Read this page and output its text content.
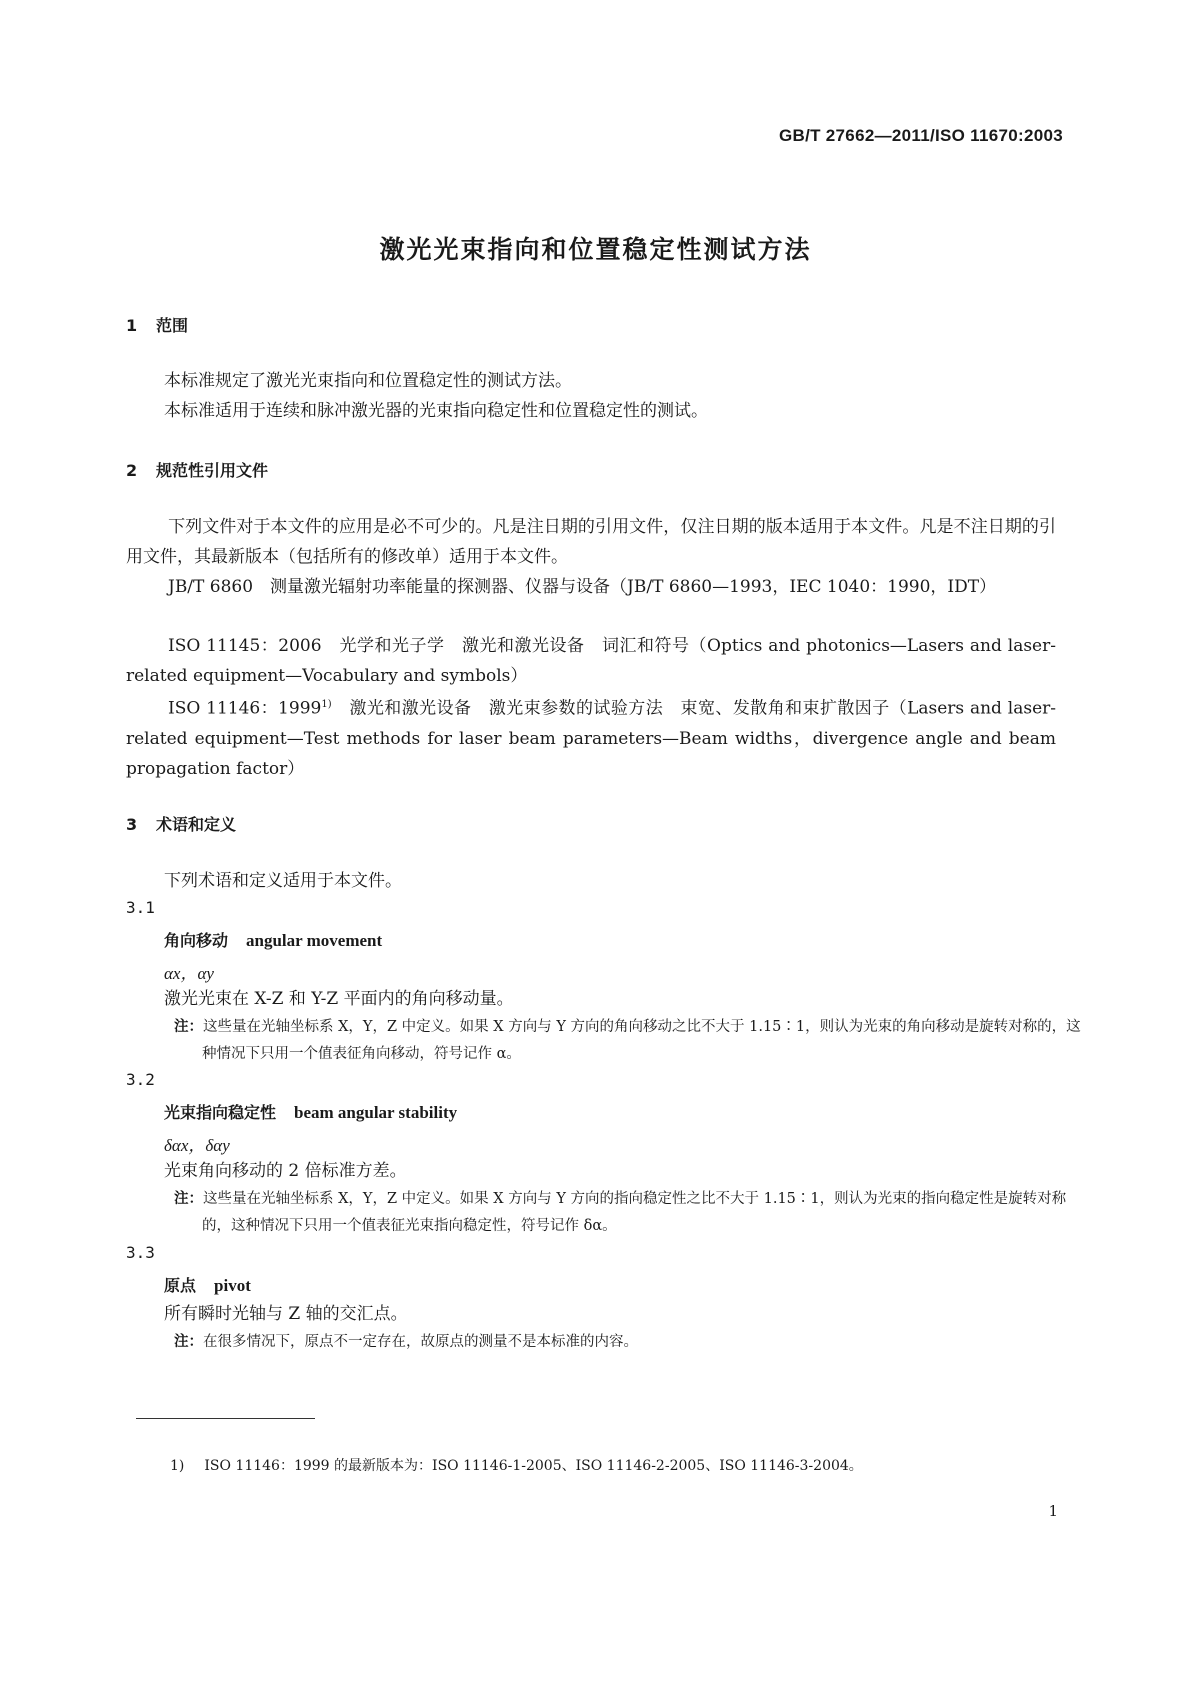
GB/T 27662—2011/ISO 11670:2003
激光光束指向和位置稳定性测试方法
1 范围
本标准规定了激光光束指向和位置稳定性的测试方法。
本标准适用于连续和脉冲激光器的光束指向稳定性和位置稳定性的测试。
2 规范性引用文件
下列文件对于本文件的应用是必不可少的。凡是注日期的引用文件，仅注日期的版本适用于本文件。凡是不注日期的引用文件，其最新版本（包括所有的修改单）适用于本文件。
JB/T 6860　测量激光辐射功率能量的探测器、仪器与设备（JB/T 6860—1993，IEC 1040：1990，IDT）
ISO 11145：2006　光学和光子学　激光和激光设备　词汇和符号（Optics and photonics—Lasers and laser-related equipment—Vocabulary and symbols）
ISO 11146：1999$^{1)}$　激光和激光设备　激光束参数的试验方法　束宽、发散角和束扩散因子（Lasers and laser-related equipment—Test methods for laser beam parameters—Beam widths，divergence angle and beam propagation factor）
3 术语和定义
下列术语和定义适用于本文件。
3.1
角向移动 angular movement
αx，αy
激光光束在 X-Z 和 Y-Z 平面内的角向移动量。
注：这些量在光轴坐标系 X，Y，Z 中定义。如果 X 方向与 Y 方向的角向移动之比不大于 1.15∶1，则认为光束的角向移动是旋转对称的，这种情况下只用一个值表征角向移动，符号记作 α。
3.2
光束指向稳定性 beam angular stability
δαx，δαy
光束角向移动的 2 倍标准方差。
注：这些量在光轴坐标系 X，Y，Z 中定义。如果 X 方向与 Y 方向的指向稳定性之比不大于 1.15∶1，则认为光束的指向稳定性是旋转对称的，这种情况下只用一个值表征光束指向稳定性，符号记作 δα。
3.3
原点 pivot
所有瞬时光轴与 Z 轴的交汇点。
注：在很多情况下，原点不一定存在，故原点的测量不是本标准的内容。
1) ISO 11146：1999 的最新版本为：ISO 11146-1-2005、ISO 11146-2-2005、ISO 11146-3-2004。
1
